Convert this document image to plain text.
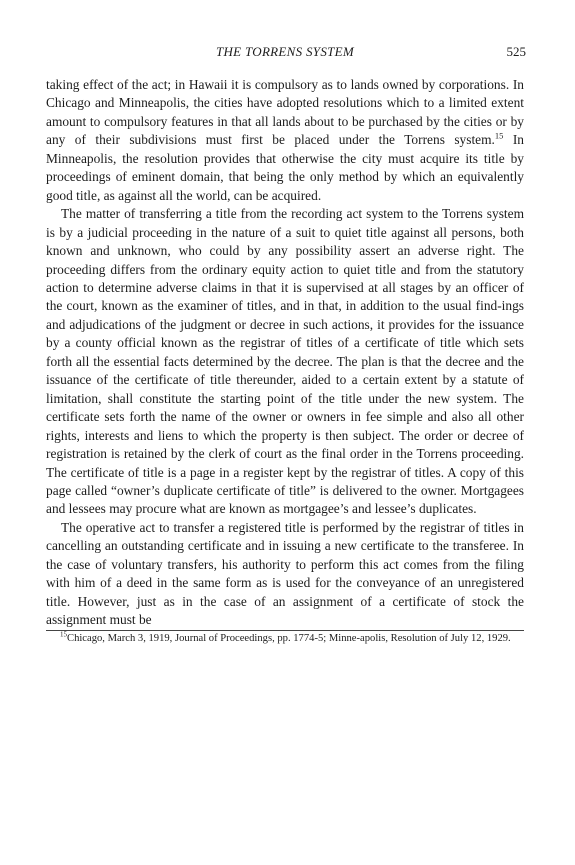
THE TORRENS SYSTEM	525

taking effect of the act; in Hawaii it is compulsory as to lands owned by corporations. In Chicago and Minneapolis, the cities have adopted resolutions which to a limited extent amount to compulsory features in that all lands about to be purchased by the cities or by any of their subdivisions must first be placed under the Torrens system.$^{15}$ In Minneapolis, the resolution provides that otherwise the city must acquire its title by proceedings of eminent domain, that being the only method by which an equivalently good title, as against all the world, can be acquired.

The matter of transferring a title from the recording act system to the Torrens system is by a judicial proceeding in the nature of a suit to quiet title against all persons, both known and unknown, who could by any possibility assert an adverse right. The proceeding differs from the ordinary equity action to quiet title and from the statutory action to determine adverse claims in that it is supervised at all stages by an officer of the court, known as the examiner of titles, and in that, in addition to the usual find-ings and adjudications of the judgment or decree in such actions, it provides for the issuance by a county official known as the registrar of titles of a certificate of title which sets forth all the essential facts determined by the decree. The plan is that the decree and the issuance of the certificate of title thereunder, aided to a certain extent by a statute of limitation, shall constitute the starting point of the title under the new system. The certificate sets forth the name of the owner or owners in fee simple and also all other rights, interests and liens to which the property is then subject. The order or decree of registration is retained by the clerk of court as the final order in the Torrens proceeding. The certificate of title is a page in a register kept by the registrar of titles. A copy of this page called “owner’s duplicate certificate of title” is delivered to the owner. Mortgagees and lessees may procure what are known as mortgagee’s and lessee’s duplicates.

The operative act to transfer a registered title is performed by the registrar of titles in cancelling an outstanding certificate and in issuing a new certificate to the transferee. In the case of voluntary transfers, his authority to perform this act comes from the filing with him of a deed in the same form as is used for the conveyance of an unregistered title. However, just as in the case of an assignment of a certificate of stock the assignment must be

$^{15}$Chicago, March 3, 1919, Journal of Proceedings, pp. 1774-5; Minne-apolis, Resolution of July 12, 1929.
